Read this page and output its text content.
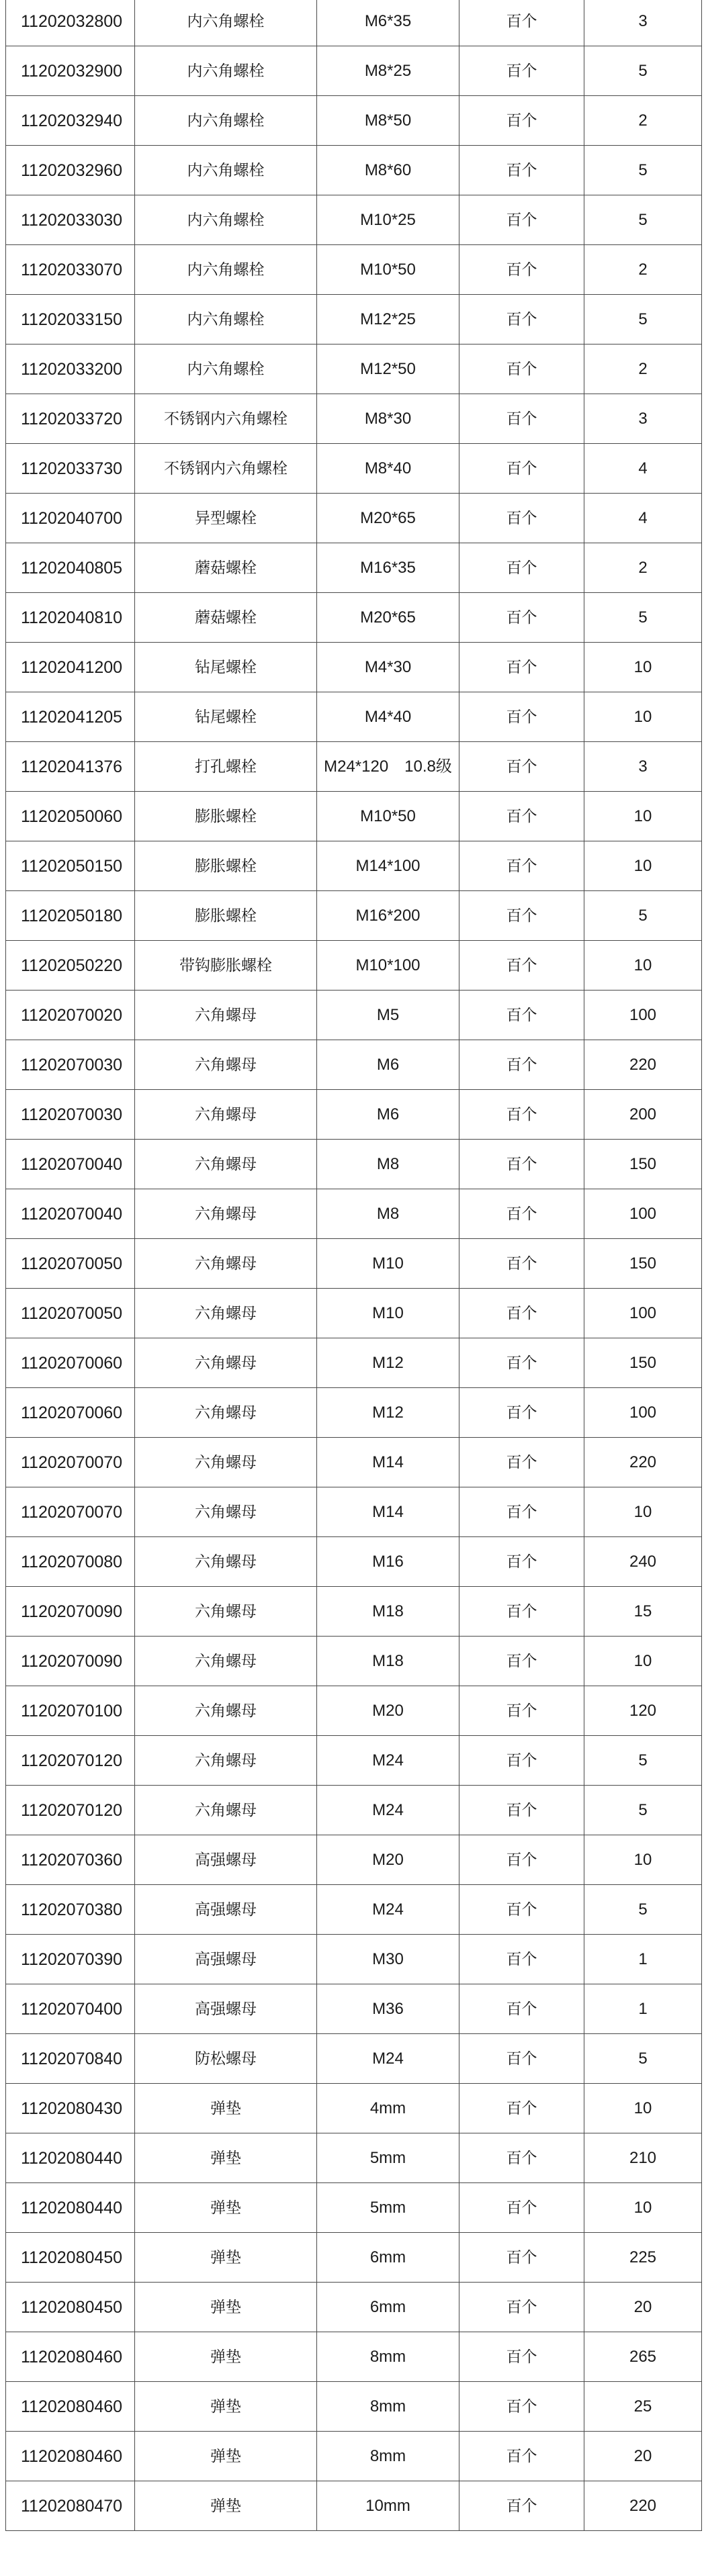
11202032800	内六角螺栓	M6*35	百个	3
11202032900	内六角螺栓	M8*25	百个	5
11202032940	内六角螺栓	M8*50	百个	2
11202032960	内六角螺栓	M8*60	百个	5
11202033030	内六角螺栓	M10*25	百个	5
11202033070	内六角螺栓	M10*50	百个	2
11202033150	内六角螺栓	M12*25	百个	5
11202033200	内六角螺栓	M12*50	百个	2
11202033720	不锈钢内六角螺栓	M8*30	百个	3
11202033730	不锈钢内六角螺栓	M8*40	百个	4
11202040700	异型螺栓	M20*65	百个	4
11202040805	蘑菇螺栓	M16*35	百个	2
11202040810	蘑菇螺栓	M20*65	百个	5
11202041200	钻尾螺栓	M4*30	百个	10
11202041205	钻尾螺栓	M4*40	百个	10
11202041376	打孔螺栓	M24*120　10.8级	百个	3
11202050060	膨胀螺栓	M10*50	百个	10
11202050150	膨胀螺栓	M14*100	百个	10
11202050180	膨胀螺栓	M16*200	百个	5
11202050220	带钩膨胀螺栓	M10*100	百个	10
11202070020	六角螺母	M5	百个	100
11202070030	六角螺母	M6	百个	220
11202070030	六角螺母	M6	百个	200
11202070040	六角螺母	M8	百个	150
11202070040	六角螺母	M8	百个	100
11202070050	六角螺母	M10	百个	150
11202070050	六角螺母	M10	百个	100
11202070060	六角螺母	M12	百个	150
11202070060	六角螺母	M12	百个	100
11202070070	六角螺母	M14	百个	220
11202070070	六角螺母	M14	百个	10
11202070080	六角螺母	M16	百个	240
11202070090	六角螺母	M18	百个	15
11202070090	六角螺母	M18	百个	10
11202070100	六角螺母	M20	百个	120
11202070120	六角螺母	M24	百个	5
11202070120	六角螺母	M24	百个	5
11202070360	高强螺母	M20	百个	10
11202070380	高强螺母	M24	百个	5
11202070390	高强螺母	M30	百个	1
11202070400	高强螺母	M36	百个	1
11202070840	防松螺母	M24	百个	5
11202080430	弹垫	4mm	百个	10
11202080440	弹垫	5mm	百个	210
11202080440	弹垫	5mm	百个	10
11202080450	弹垫	6mm	百个	225
11202080450	弹垫	6mm	百个	20
11202080460	弹垫	8mm	百个	265
11202080460	弹垫	8mm	百个	25
11202080460	弹垫	8mm	百个	20
11202080470	弹垫	10mm	百个	220
